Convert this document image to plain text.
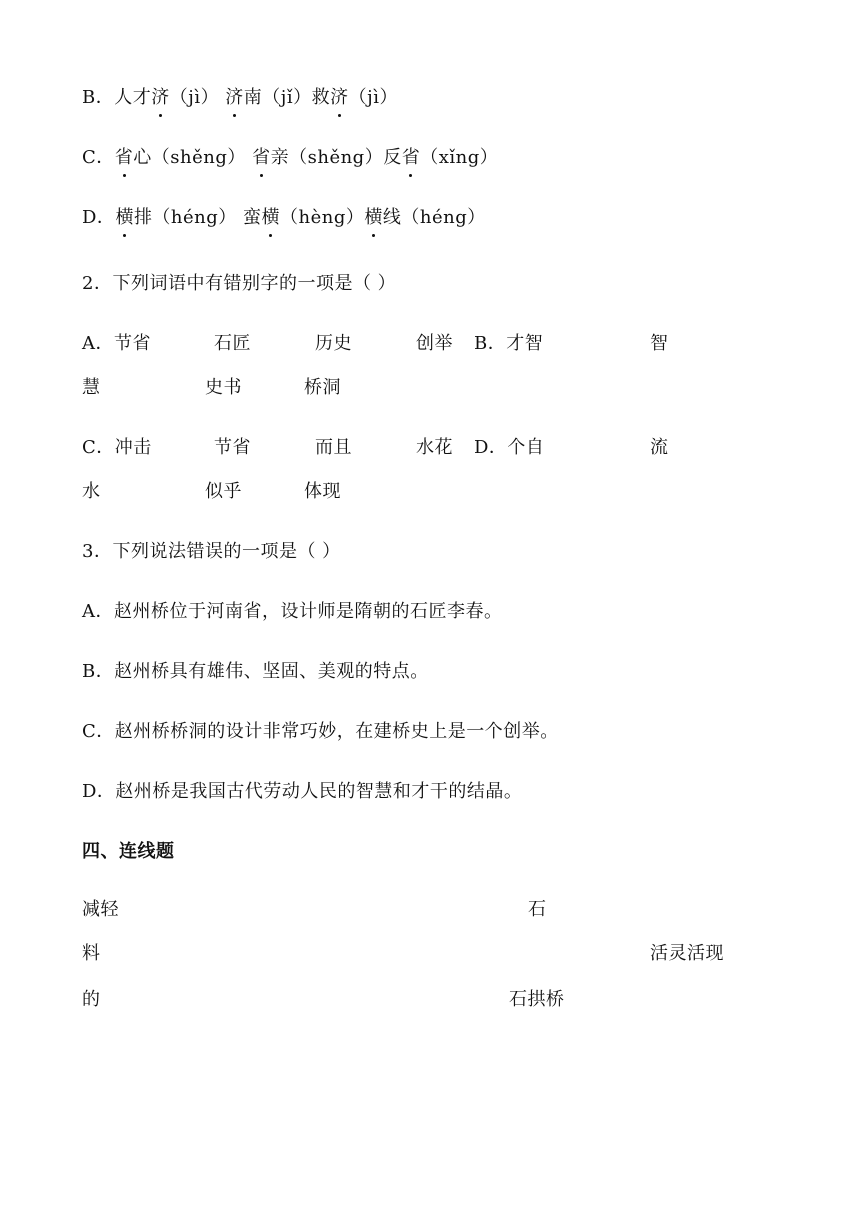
B．人才济（jì） 济南（jǐ）救济（jì）
C．省心（shěng） 省亲（shěng）反省（xǐng）
D．横排（héng） 蛮横（hèng）横线（héng）
2．下列词语中有错别字的一项是（ ）
A．节省	石匠	历史	创举 B．才智	智
慧	史书	桥洞
C．冲击	节省	而且	水花 D．个自	流
水	似乎	体现
3．下列说法错误的一项是（ ）
A．赵州桥位于河南省，设计师是隋朝的石匠李春。
B．赵州桥具有雄伟、坚固、美观的特点。
C．赵州桥桥洞的设计非常巧妙，在建桥史上是一个创举。
D．赵州桥是我国古代劳动人民的智慧和才干的结晶。
四、连线题
减轻	石
料	活灵活现
的	石拱桥
